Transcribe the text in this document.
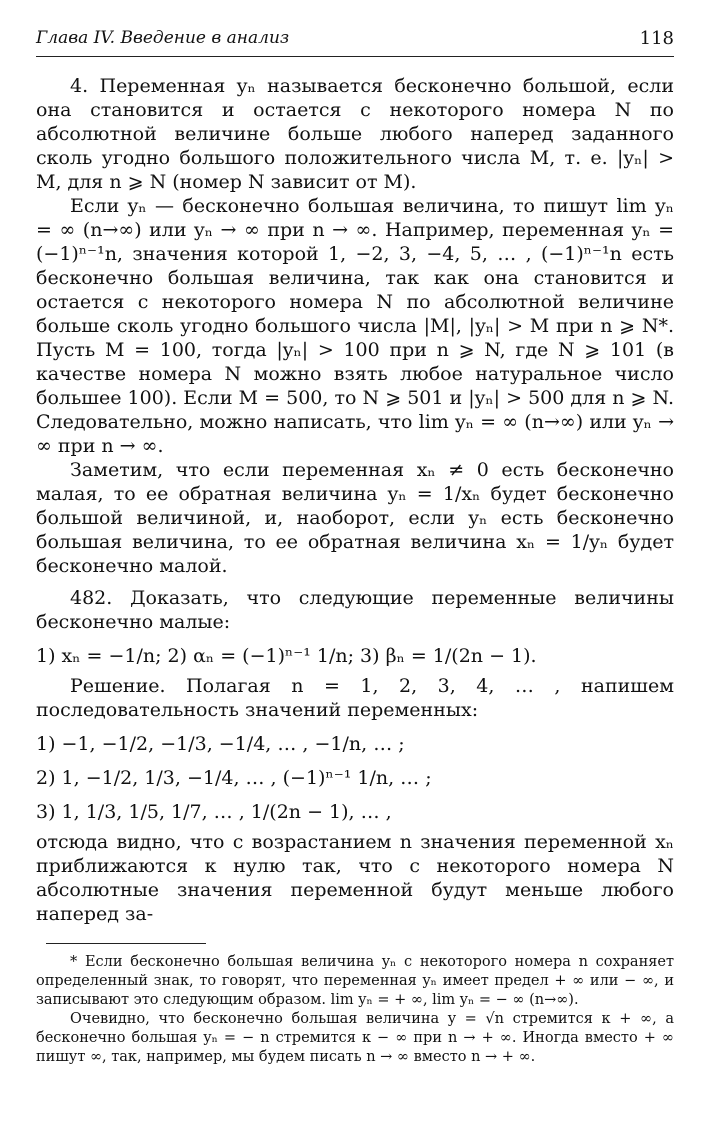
Глава IV. Введение в анализ	118

4. Переменная yₙ называется бесконечно большой, если она становится и остается с некоторого номера N по абсолютной величине больше любого наперед заданного сколь угодно большого положительного числа M, т. е. |yₙ| > M, для n ⩾ N (номер N зависит от M).

Если yₙ — бесконечно большая величина, то пишут lim yₙ = ∞ (n→∞) или yₙ → ∞ при n → ∞. Например, переменная yₙ = (−1)ⁿ⁻¹n, значения которой 1, −2, 3, −4, 5, … , (−1)ⁿ⁻¹n есть бесконечно большая величина, так как она становится и остается с некоторого номера N по абсолютной величине больше сколь угодно большого числа |M|, |yₙ| > M при n ⩾ N*. Пусть M = 100, тогда |yₙ| > 100 при n ⩾ N, где N ⩾ 101 (в качестве номера N можно взять любое натуральное число большее 100). Если M = 500, то N ⩾ 501 и |yₙ| > 500 для n ⩾ N. Следовательно, можно написать, что lim yₙ = ∞ (n→∞) или yₙ → ∞ при n → ∞.

Заметим, что если переменная xₙ ≠ 0 есть бесконечно малая, то ее обратная величина yₙ = 1/xₙ будет бесконечно большой величиной, и, наоборот, если yₙ есть бесконечно большая величина, то ее обратная величина xₙ = 1/yₙ будет бесконечно малой.

482. Доказать, что следующие переменные величины бесконечно малые:

1) xₙ = −1/n; 2) αₙ = (−1)ⁿ⁻¹ 1/n; 3) βₙ = 1/(2n − 1).

Решение. Полагая n = 1, 2, 3, 4, … , напишем последовательность значений переменных:

1) −1, −1/2, −1/3, −1/4, … , −1/n, … ;
2) 1, −1/2, 1/3, −1/4, … , (−1)ⁿ⁻¹ 1/n, … ;
3) 1, 1/3, 1/5, 1/7, … , 1/(2n − 1), … ,

отсюда видно, что с возрастанием n значения переменной xₙ приближаются к нулю так, что с некоторого номера N абсолютные значения переменной будут меньше любого наперед за-

* Если бесконечно большая величина yₙ с некоторого номера n сохраняет определенный знак, то говорят, что переменная yₙ имеет предел + ∞ или − ∞, и записывают это следующим образом. lim yₙ = + ∞, lim yₙ = − ∞ (n→∞).

Очевидно, что бесконечно большая величина y = √n стремится к + ∞, а бесконечно большая yₙ = − n стремится к − ∞ при n → + ∞. Иногда вместо + ∞ пишут ∞, так, например, мы будем писать n → ∞ вместо n → + ∞.
